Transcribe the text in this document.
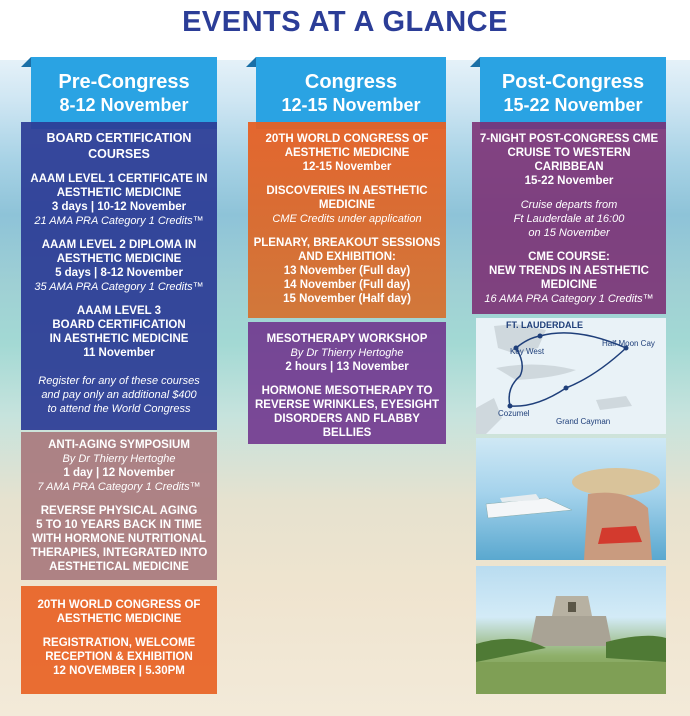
EVENTS AT A GLANCE
Pre-Congress
8-12 November
BOARD CERTIFICATION
COURSES
AAAM LEVEL 1 CERTIFICATE IN
AESTHETIC MEDICINE
3 days | 10-12 November
21 AMA PRA Category 1 Credits™
AAAM LEVEL 2 DIPLOMA IN
AESTHETIC MEDICINE
5 days | 8-12 November
35 AMA PRA Category 1 Credits™
AAAM LEVEL 3
BOARD CERTIFICATION
IN AESTHETIC MEDICINE
11 November
Register for any of these courses
and pay only an additional $400
to attend the World Congress
ANTI-AGING SYMPOSIUM
By Dr Thierry Hertoghe
1 day | 12 November
7 AMA PRA Category 1 Credits™
REVERSE PHYSICAL AGING
5 TO 10 YEARS BACK IN TIME
WITH HORMONE NUTRITIONAL
THERAPIES, INTEGRATED INTO
AESTHETICAL MEDICINE
20TH WORLD CONGRESS OF
AESTHETIC MEDICINE
REGISTRATION, WELCOME
RECEPTION & EXHIBITION
12 NOVEMBER | 5.30PM
Congress
12-15 November
20TH WORLD CONGRESS OF
AESTHETIC MEDICINE
12-15 November
DISCOVERIES IN AESTHETIC
MEDICINE
CME Credits under application
PLENARY, BREAKOUT SESSIONS
AND EXHIBITION:
13 November (Full day)
14 November (Full day)
15 November (Half day)
MESOTHERAPY WORKSHOP
By Dr Thierry Hertoghe
2 hours | 13 November
HORMONE MESOTHERAPY TO
REVERSE WRINKLES, EYESIGHT
DISORDERS AND FLABBY
BELLIES
Post-Congress
15-22 November
7-NIGHT POST-CONGRESS CME
CRUISE TO WESTERN
CARIBBEAN
15-22 November
Cruise departs from
Ft Lauderdale at 16:00
on 15 November
CME COURSE:
NEW TRENDS IN AESTHETIC
MEDICINE
16 AMA PRA Category 1 Credits™
FT. LAUDERDALE
Key West
Half Moon Cay
Cozumel
Grand Cayman
